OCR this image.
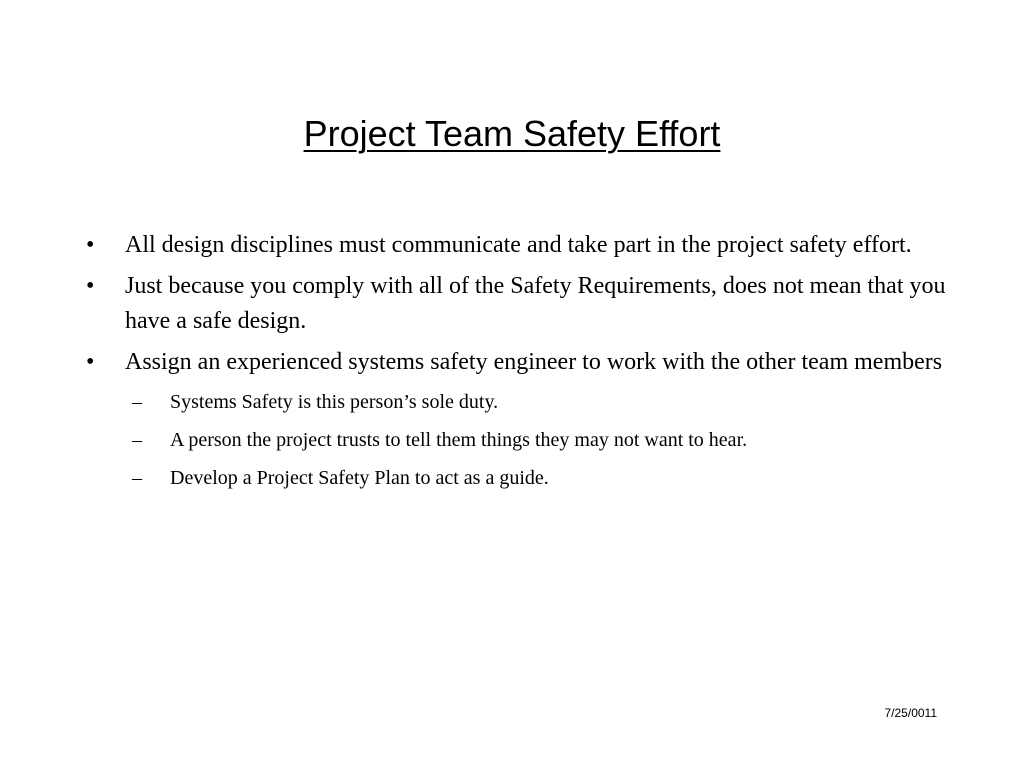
Project Team Safety Effort
• All design disciplines must communicate and take part in the project safety effort.
• Just because you comply with all of the Safety Requirements, does not mean that you have a safe design.
• Assign an experienced systems safety engineer to work with the other team members
– Systems Safety is this person’s sole duty.
– A person the project trusts to tell them things they may not want to hear.
– Develop a Project Safety Plan to act as a guide.
7/25/0011
